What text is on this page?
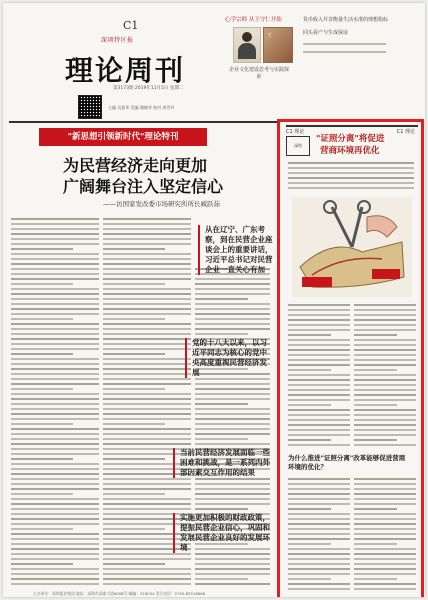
C1
深圳特区报
理论周刊
第3173期 2019年11月5日 星期二
主编 吴燕华 美编 谢晓华 校对 周世玲
心学宗师 从王守仁开始
王
企业文化建设思考与实践探索
货币收入并非衡量生活水准的理想指标
回头看产与生成保证
"新思想引领新时代"理论特刊
为民营经济走向更加
广阔舞台注入坚定信心
——访国家发改委市场研究所所长臧跃茹
从在辽宁、广东考察，到在民营企业座谈会上的重要讲话，习近平总书记对民营企业一直关心有加
党的十八大以来，以习近平同志为核心的党中央高度重视民营经济发展
当前民营经济发展面临一些困难和挑战，是一系列内外部因素交互作用的结果
实施更加积极的财政政策，提振民营企业信心，巩固和发展民营企业良好的发展环境
主办单位：深圳报业集团 地址：深圳市深南大道6008号 邮编：518034 发行电话：0755-83518888
C1 理论	C1 理论
深圳
"证照分离"将促进
营商环境再优化
为什么推进"证照分离"改革能够促进营商环境的优化？
